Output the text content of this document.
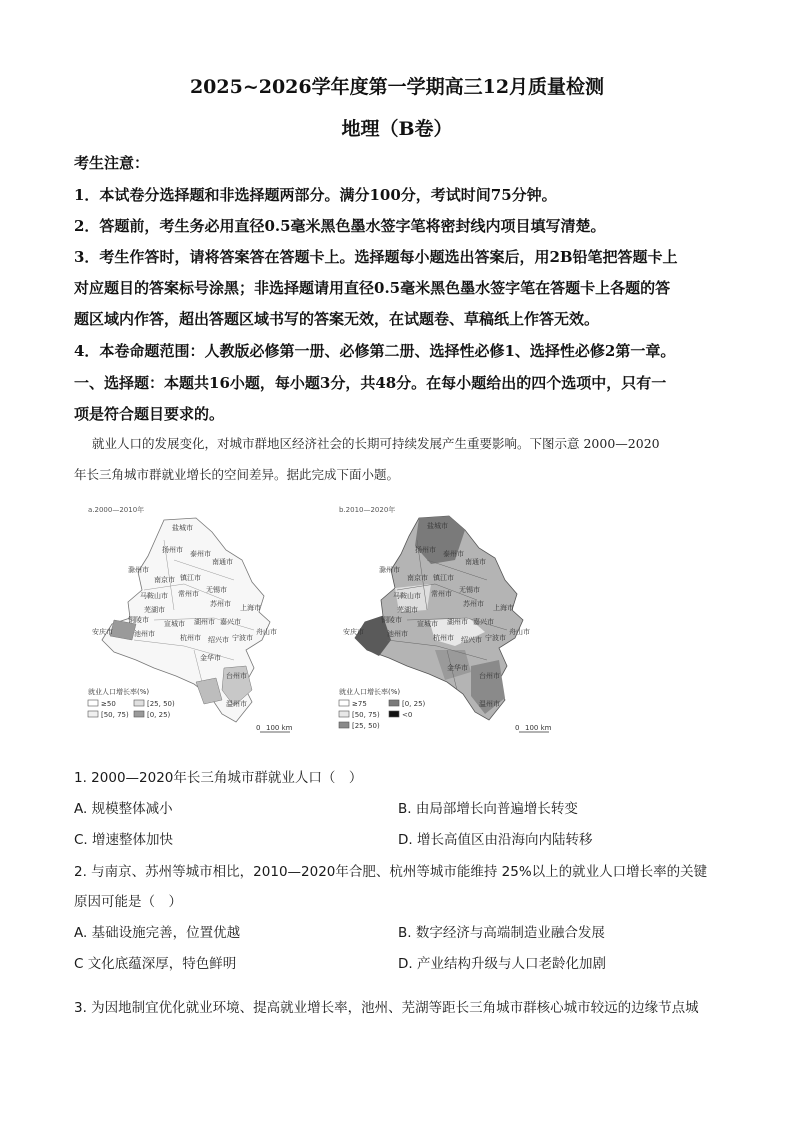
2025~2026学年度第一学期高三12月质量检测
地理（B卷）
考生注意：
1．本试卷分选择题和非选择题两部分。满分100分，考试时间75分钟。
2．答题前，考生务必用直径0.5毫米黑色墨水签字笔将密封线内项目填写清楚。
3．考生作答时，请将答案答在答题卡上。选择题每小题选出答案后，用2B铅笔把答题卡上
对应题目的答案标号涂黑；非选择题请用直径0.5毫米黑色墨水签字笔在答题卡上各题的答
题区域内作答，超出答题区域书写的答案无效，在试题卷、草稿纸上作答无效。
4．本卷命题范围：人教版必修第一册、必修第二册、选择性必修1、选择性必修2第一章。
一、选择题：本题共16小题，每小题3分，共48分。在每小题给出的四个选项中，只有一
项是符合题目要求的。
就业人口的发展变化，对城市群地区经济社会的长期可持续发展产生重要影响。下图示意 2000—2020
年长三角城市群就业增长的空间差异。据此完成下面小题。
a.2000—2010年
盐城市
扬州市 泰州市
南通市
滁州市
南京市 镇江市
常州市 无锡市
苏州市 上海市
马鞍山市
芜湖市
宣城市
铜陵市
池州市
安庆市
湖州市 嘉兴市
杭州市 绍兴市 宁波市
舟山市
金华市
台州市
温州市
就业人口增长率(%)
≥50	[25, 50)
[50, 75)	[0, 25)
0 100 km
b.2010—2020年
盐城市
扬州市 泰州市
南通市
滁州市
南京市 镇江市
常州市 无锡市
苏州市 上海市
马鞍山市
芜湖市
铜陵市
池州市
安庆市
宣城市 湖州市 嘉兴市
杭州市 绍兴市 宁波市
舟山市
金华市
台州市
温州市
就业人口增长率(%)
≥75	[0, 25)
[50, 75)	<0
[25, 50)	0 100 km
1. 2000—2020年长三角城市群就业人口（　）
A. 规模整体减小	B. 由局部增长向普遍增长转变
C. 增速整体加快	D. 增长高值区由沿海向内陆转移
2. 与南京、苏州等城市相比，2010—2020年合肥、杭州等城市能维持 25%以上的就业人口增长率的关键
原因可能是（　）
A. 基础设施完善，位置优越	B. 数字经济与高端制造业融合发展
C 文化底蕴深厚，特色鲜明	D. 产业结构升级与人口老龄化加剧
3. 为因地制宜优化就业环境、提高就业增长率，池州、芜湖等距长三角城市群核心城市较远的边缘节点城
